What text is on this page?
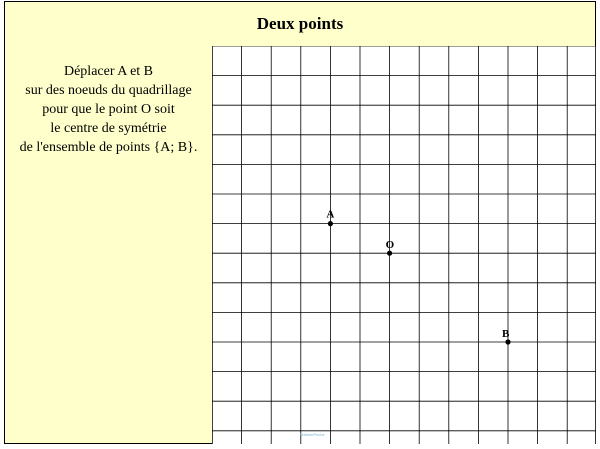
Deux points
Déplacer A et B
sur des noeuds du quadrillage
pour que le point O soit
le centre de symétrie
de l'ensemble de points {A; B}.
A
O
B
MathenPoche
